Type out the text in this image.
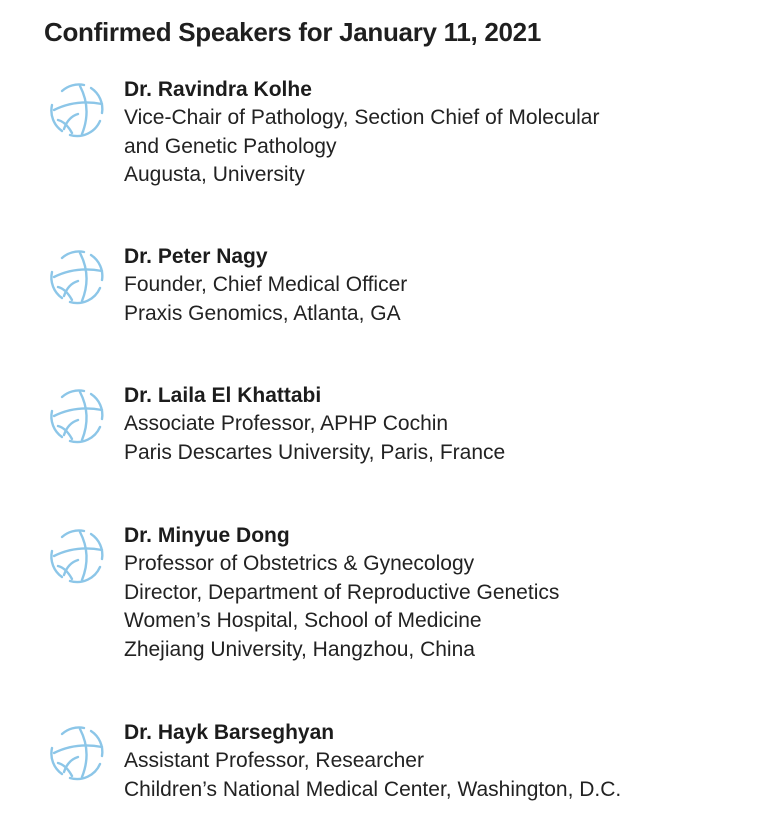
Confirmed Speakers for January 11, 2021
Dr. Ravindra Kolhe
Vice-Chair of Pathology, Section Chief of Molecular
and Genetic Pathology
Augusta, University
Dr. Peter Nagy
Founder, Chief Medical Officer
Praxis Genomics, Atlanta, GA
Dr. Laila El Khattabi
Associate Professor, APHP Cochin
Paris Descartes University, Paris, France
Dr. Minyue Dong
Professor of Obstetrics & Gynecology
Director, Department of Reproductive Genetics
Women’s Hospital, School of Medicine
Zhejiang University, Hangzhou, China
Dr. Hayk Barseghyan
Assistant Professor, Researcher
Children’s National Medical Center, Washington, D.C.
